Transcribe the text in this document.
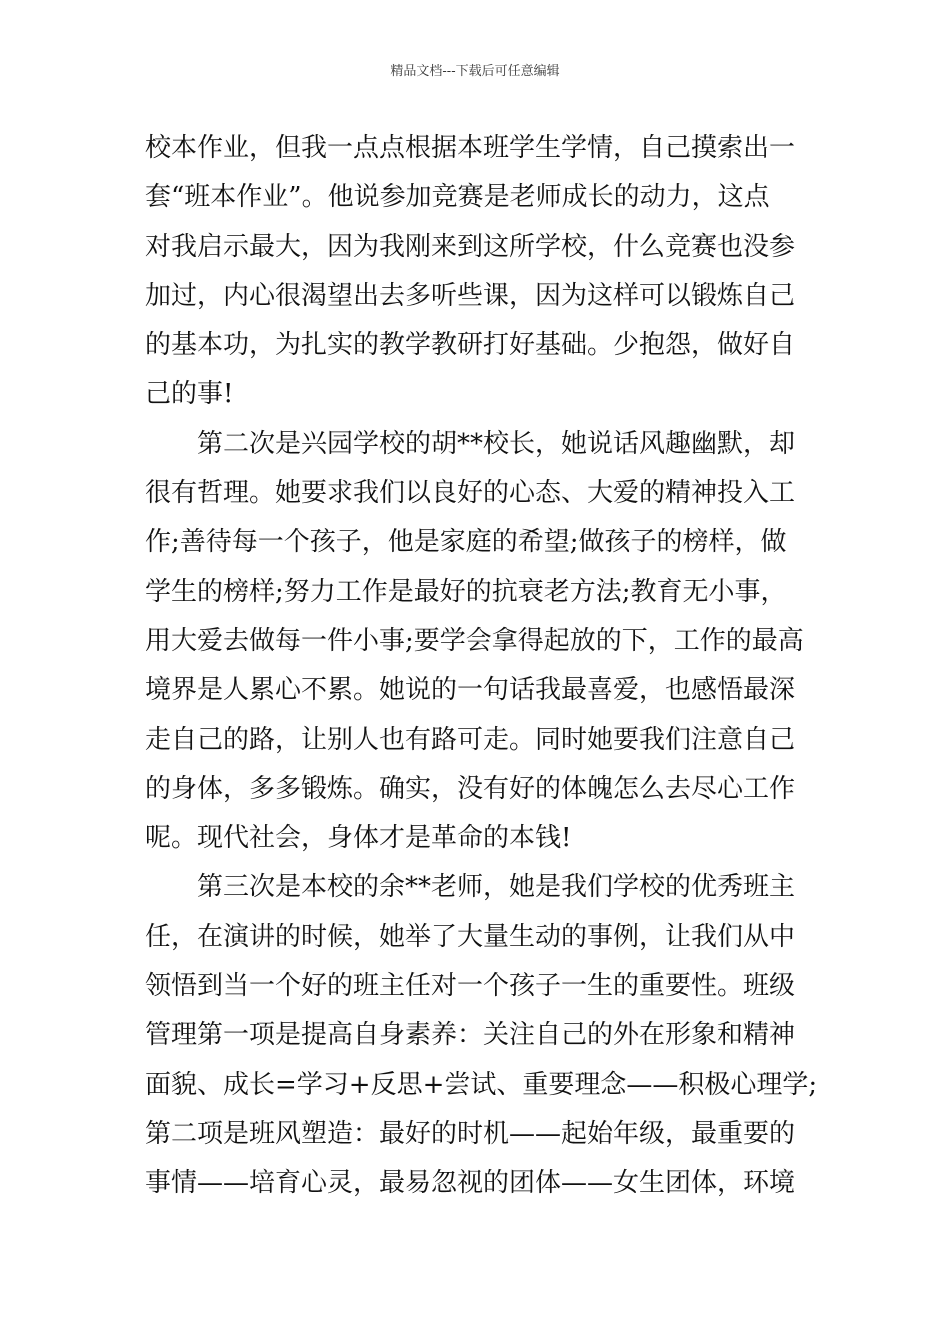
精品文档---下载后可任意编辑
校本作业，但我一点点根据本班学生学情，自己摸索出一
套“班本作业”。他说参加竞赛是老师成长的动力，这点
对我启示最大，因为我刚来到这所学校，什么竞赛也没参
加过，内心很渴望出去多听些课，因为这样可以锻炼自己
的基本功，为扎实的教学教研打好基础。少抱怨，做好自
己的事!
　　第二次是兴园学校的胡**校长，她说话风趣幽默，却
很有哲理。她要求我们以良好的心态、大爱的精神投入工
作;善待每一个孩子，他是家庭的希望;做孩子的榜样，做
学生的榜样;努力工作是最好的抗衰老方法;教育无小事，
用大爱去做每一件小事;要学会拿得起放的下，工作的最高
境界是人累心不累。她说的一句话我最喜爱，也感悟最深
走自己的路，让别人也有路可走。同时她要我们注意自己
的身体，多多锻炼。确实，没有好的体魄怎么去尽心工作
呢。现代社会，身体才是革命的本钱!
　　第三次是本校的余**老师，她是我们学校的优秀班主
任，在演讲的时候，她举了大量生动的事例，让我们从中
领悟到当一个好的班主任对一个孩子一生的重要性。班级
管理第一项是提高自身素养：关注自己的外在形象和精神
面貌、成长=学习+反思+尝试、重要理念——积极心理学;
第二项是班风塑造：最好的时机——起始年级，最重要的
事情——培育心灵，最易忽视的团体——女生团体，环境
